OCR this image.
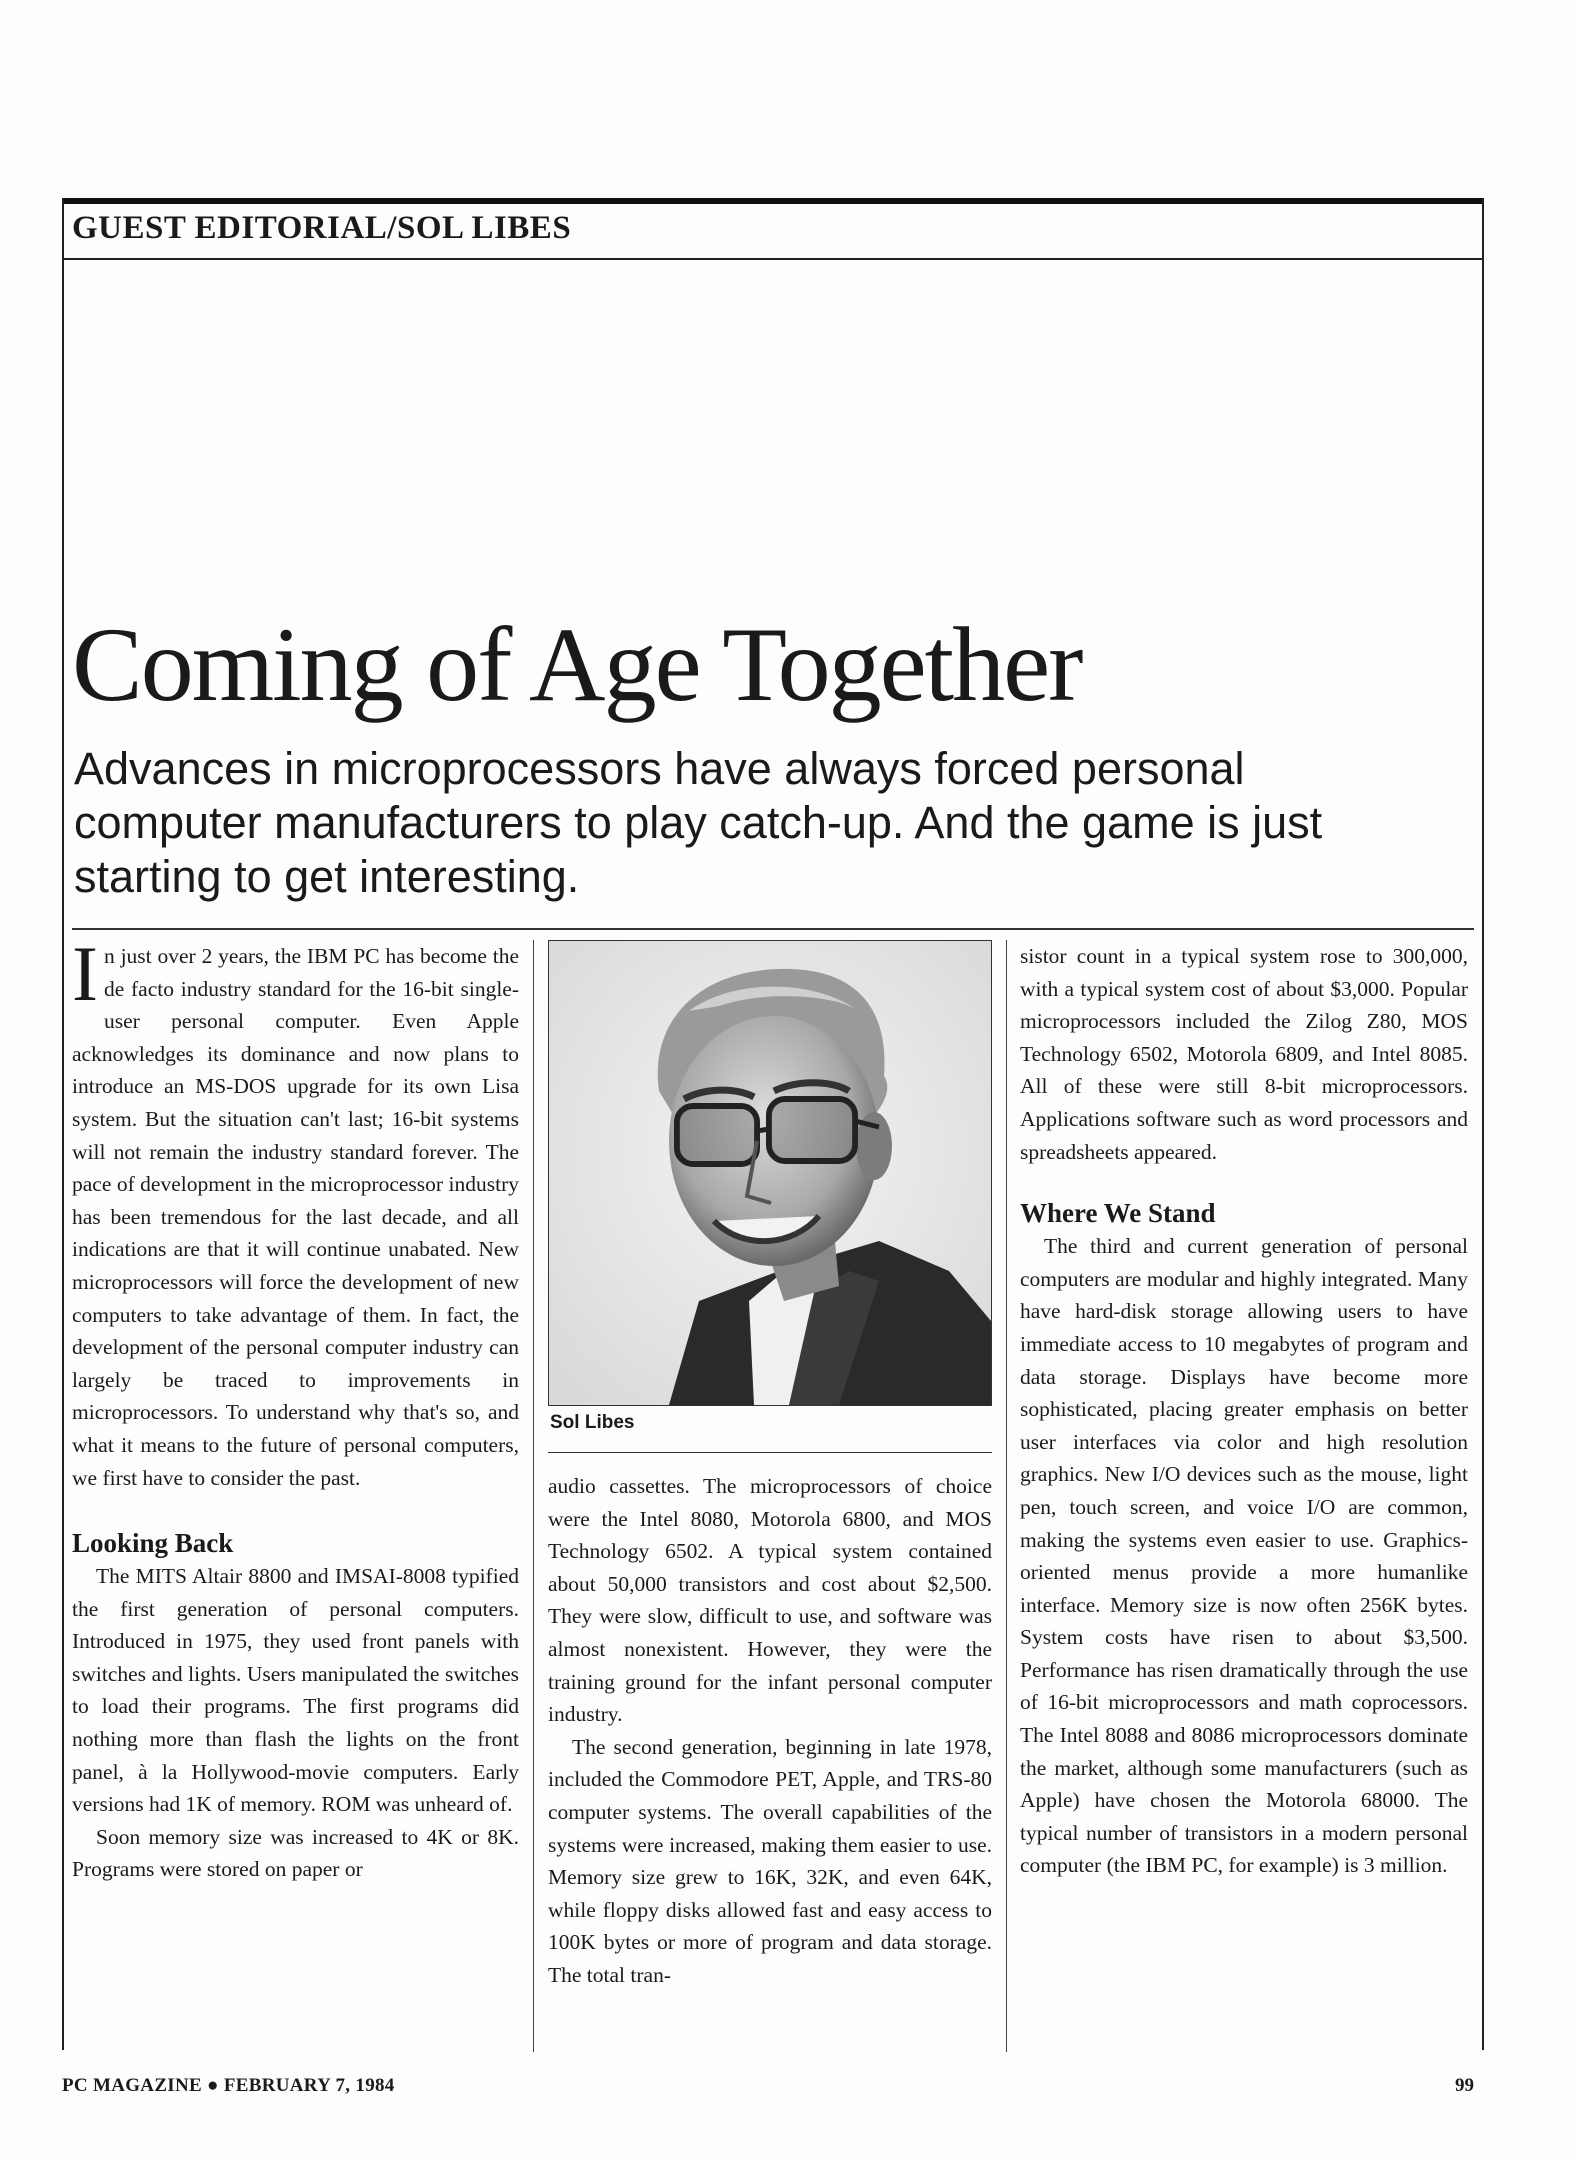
GUEST EDITORIAL/SOL LIBES
Coming of Age Together
Advances in microprocessors have always forced personal computer manufacturers to play catch-up. And the game is just starting to get interesting.

In just over 2 years, the IBM PC has become the de facto industry standard for the 16-bit single-user personal computer. Even Apple acknowledges its dominance and now plans to introduce an MS-DOS upgrade for its own Lisa system. But the situation can't last; 16-bit systems will not remain the industry standard forever. The pace of development in the microprocessor industry has been tremendous for the last decade, and all indications are that it will continue unabated. New microprocessors will force the development of new computers to take advantage of them. In fact, the development of the personal computer industry can largely be traced to improvements in microprocessors. To understand why that's so, and what it means to the future of personal computers, we first have to consider the past.

Looking Back

The MITS Altair 8800 and IMSAI-8008 typified the first generation of personal computers. Introduced in 1975, they used front panels with switches and lights. Users manipulated the switches to load their programs. The first programs did nothing more than flash the lights on the front panel, à la Hollywood-movie computers. Early versions had 1K of memory. ROM was unheard of.

Soon memory size was increased to 4K or 8K. Programs were stored on paper or

Sol Libes

audio cassettes. The microprocessors of choice were the Intel 8080, Motorola 6800, and MOS Technology 6502. A typical system contained about 50,000 transistors and cost about $2,500. They were slow, difficult to use, and software was almost nonexistent. However, they were the training ground for the infant personal computer industry.

The second generation, beginning in late 1978, included the Commodore PET, Apple, and TRS-80 computer systems. The overall capabilities of the systems were increased, making them easier to use. Memory size grew to 16K, 32K, and even 64K, while floppy disks allowed fast and easy access to 100K bytes or more of program and data storage. The total tran-

sistor count in a typical system rose to 300,000, with a typical system cost of about $3,000. Popular microprocessors included the Zilog Z80, MOS Technology 6502, Motorola 6809, and Intel 8085. All of these were still 8-bit microprocessors. Applications software such as word processors and spreadsheets appeared.

Where We Stand

The third and current generation of personal computers are modular and highly integrated. Many have hard-disk storage allowing users to have immediate access to 10 megabytes of program and data storage. Displays have become more sophisticated, placing greater emphasis on better user interfaces via color and high resolution graphics. New I/O devices such as the mouse, light pen, touch screen, and voice I/O are common, making the systems even easier to use. Graphics-oriented menus provide a more humanlike interface. Memory size is now often 256K bytes. System costs have risen to about $3,500. Performance has risen dramatically through the use of 16-bit microprocessors and math coprocessors. The Intel 8088 and 8086 microprocessors dominate the market, although some manufacturers (such as Apple) have chosen the Motorola 68000. The typical number of transistors in a modern personal computer (the IBM PC, for example) is 3 million.

PC MAGAZINE ● FEBRUARY 7, 1984	99
